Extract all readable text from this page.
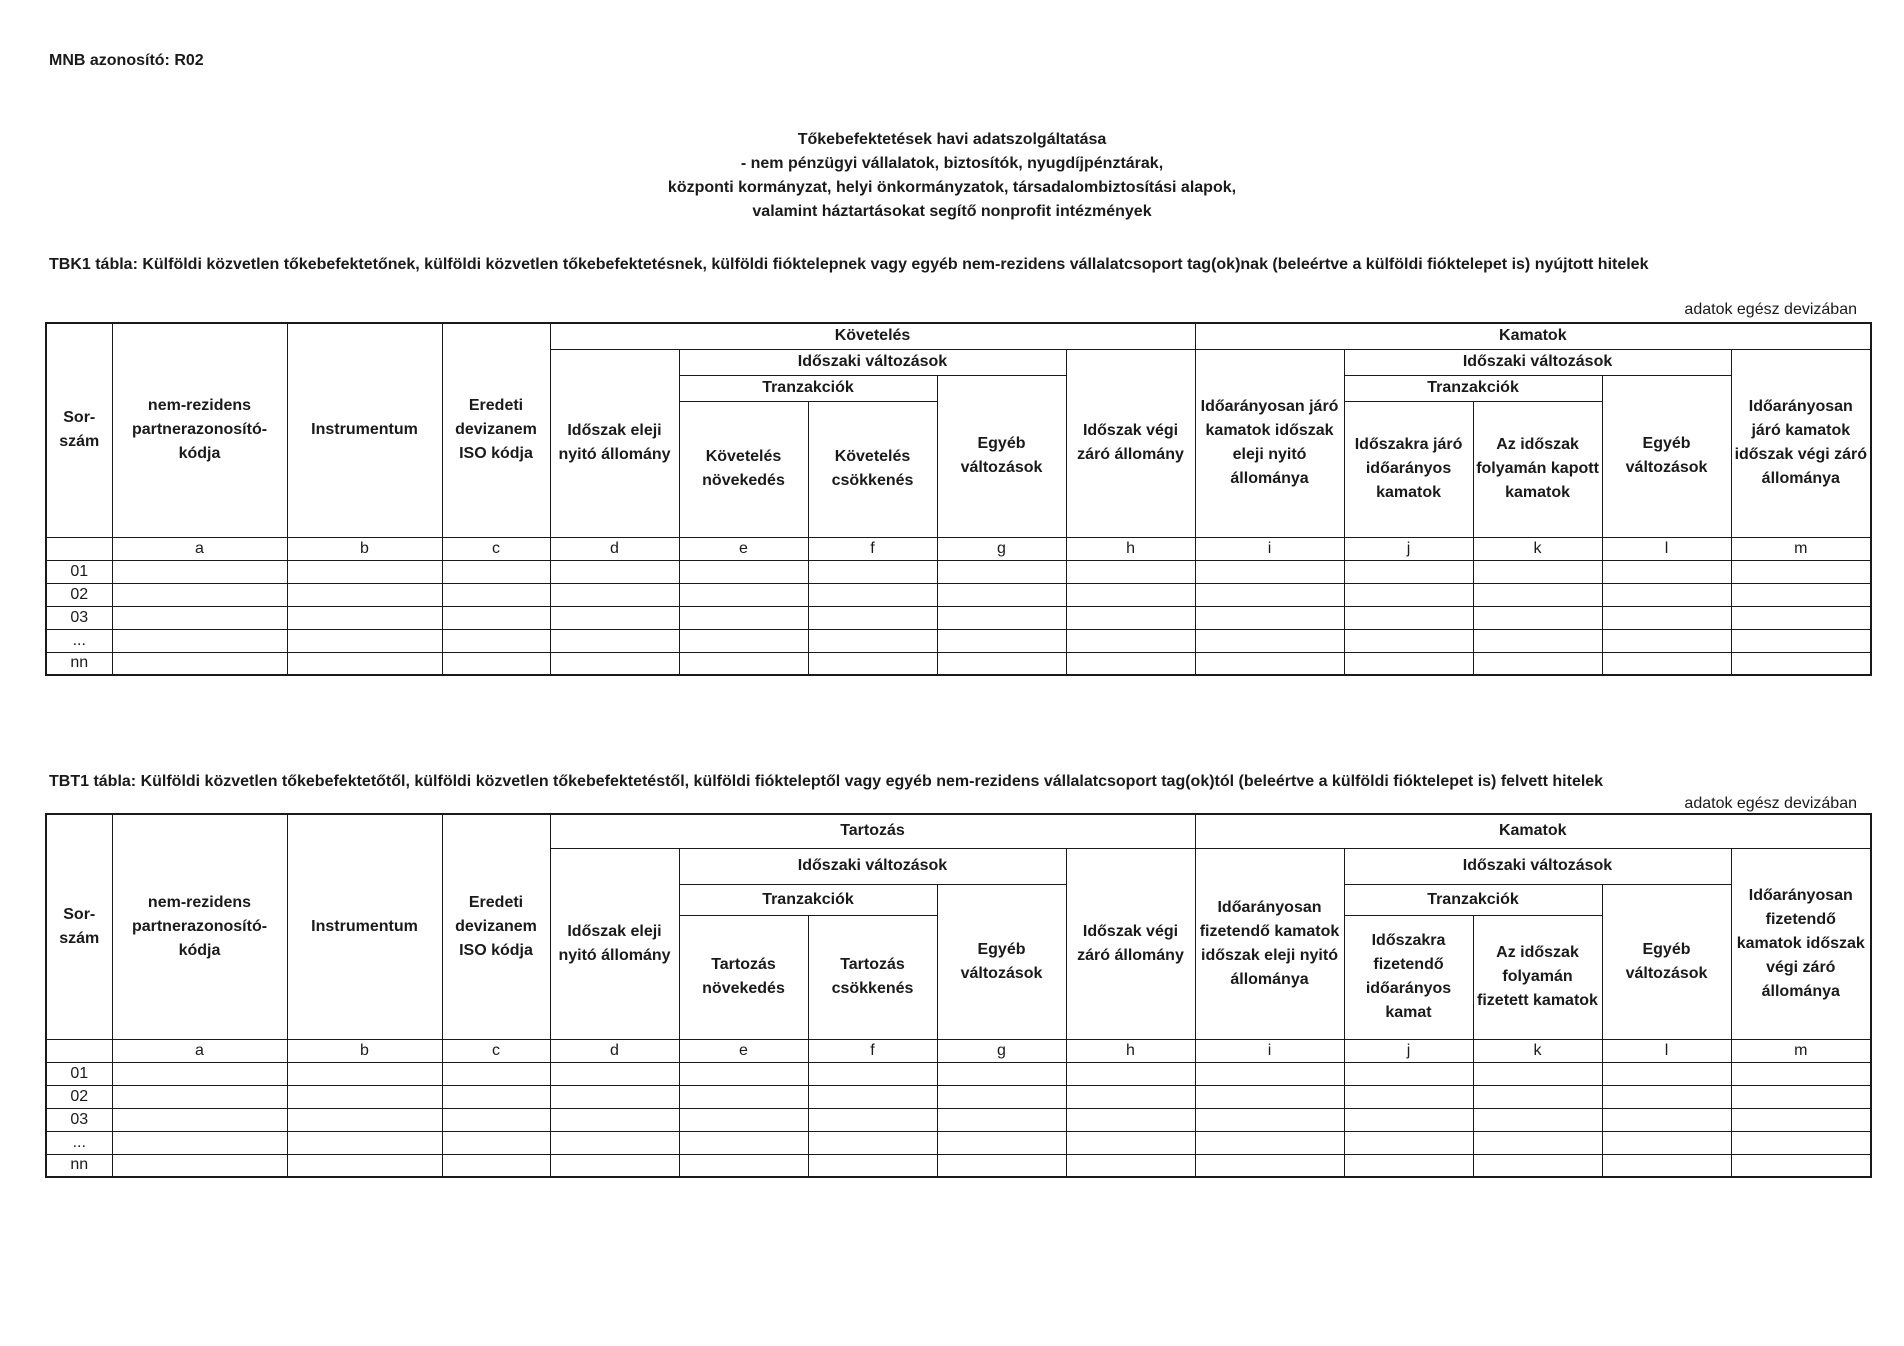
MNB azonosító: R02
Tőkebefektetések havi adatszolgáltatása
- nem pénzügyi vállalatok, biztosítók, nyugdíjpénztárak,
központi kormányzat, helyi önkormányzatok, társadalombiztosítási alapok,
valamint háztartásokat segítő nonprofit intézmények
TBK1 tábla: Külföldi közvetlen tőkebefektetőnek, külföldi közvetlen tőkebefektetésnek, külföldi fióktelepnek vagy egyéb nem-rezidens vállalatcsoport tag(ok)nak (beleértve a külföldi fióktelepet is) nyújtott hitelek
adatok egész devizában
Sor-szám	nem-rezidens partnerazonosító-kódja	Instrumentum	Eredeti devizanem ISO kódja	Követelés					Kamatok				
				Időszak eleji nyitó állomány	Időszaki változások			Időszak végi záró állomány	Időarányosan járó kamatok időszak eleji nyitó állománya	Időszaki változások			Időarányosan járó kamatok időszak végi záró állománya
					Tranzakciók		Egyéb változások			Tranzakciók		Egyéb változások	
					Követelés növekedés	Követelés csökkenés				Időszakra járó időarányos kamatok	Az időszak folyamán kapott kamatok		
	a	b	c	d	e	f	g	h	i	j	k	l	m
01													
02													
03													
...													
nn													
TBT1 tábla: Külföldi közvetlen tőkebefektetőtől, külföldi közvetlen tőkebefektetéstől, külföldi fiókteleptől vagy egyéb nem-rezidens vállalatcsoport tag(ok)tól (beleértve a külföldi fióktelepet is) felvett hitelek
adatok egész devizában
Sor-szám	nem-rezidens partnerazonosító-kódja	Instrumentum	Eredeti devizanem ISO kódja	Tartozás					Kamatok				
				Időszak eleji nyitó állomány	Időszaki változások			Időszak végi záró állomány	Időarányosan fizetendő kamatok időszak eleji nyitó állománya	Időszaki változások			Időarányosan fizetendő kamatok időszak végi záró állománya
					Tranzakciók		Egyéb változások			Tranzakciók		Egyéb változások	
					Tartozás növekedés	Tartozás csökkenés				Időszakra fizetendő időarányos kamat	Az időszak folyamán fizetett kamatok		
	a	b	c	d	e	f	g	h	i	j	k	l	m
01													
02													
03													
...													
nn													
